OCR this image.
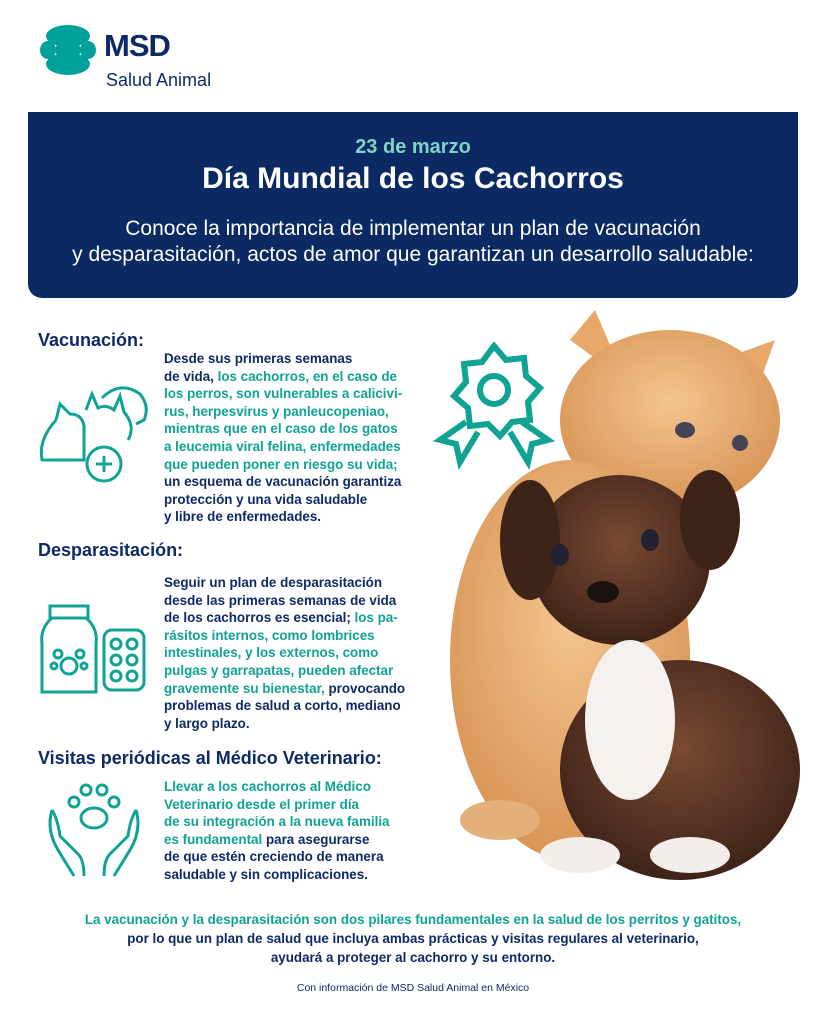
MSD
Salud Animal
23 de marzo
Día Mundial de los Cachorros
Conoce la importancia de implementar un plan de vacunación
y desparasitación, actos de amor que garantizan un desarrollo saludable:
Vacunación:
Desde sus primeras semanas
de vida, los cachorros, en el caso de
los perros, son vulnerables a calicivi-
rus, herpesvirus y panleucopeniao,
mientras que en el caso de los gatos
a leucemia viral felina, enfermedades
que pueden poner en riesgo su vida;
un esquema de vacunación garantiza
protección y una vida saludable
y libre de enfermedades.
Desparasitación:
Seguir un plan de desparasitación
desde las primeras semanas de vida
de los cachorros es esencial; los pa-
rásitos internos, como lombrices
intestinales, y los externos, como
pulgas y garrapatas, pueden afectar
gravemente su bienestar, provocando
problemas de salud a corto, mediano
y largo plazo.
Visitas periódicas al Médico Veterinario:
Llevar a los cachorros al Médico
Veterinario desde el primer día
de su integración a la nueva familia
es fundamental para asegurarse
de que estén creciendo de manera
saludable y sin complicaciones.
La vacunación y la desparasitación son dos pilares fundamentales en la salud de los perritos y gatitos,
por lo que un plan de salud que incluya ambas prácticas y visitas regulares al veterinario,
ayudará a proteger al cachorro y su entorno.
Con información de MSD Salud Animal en México
